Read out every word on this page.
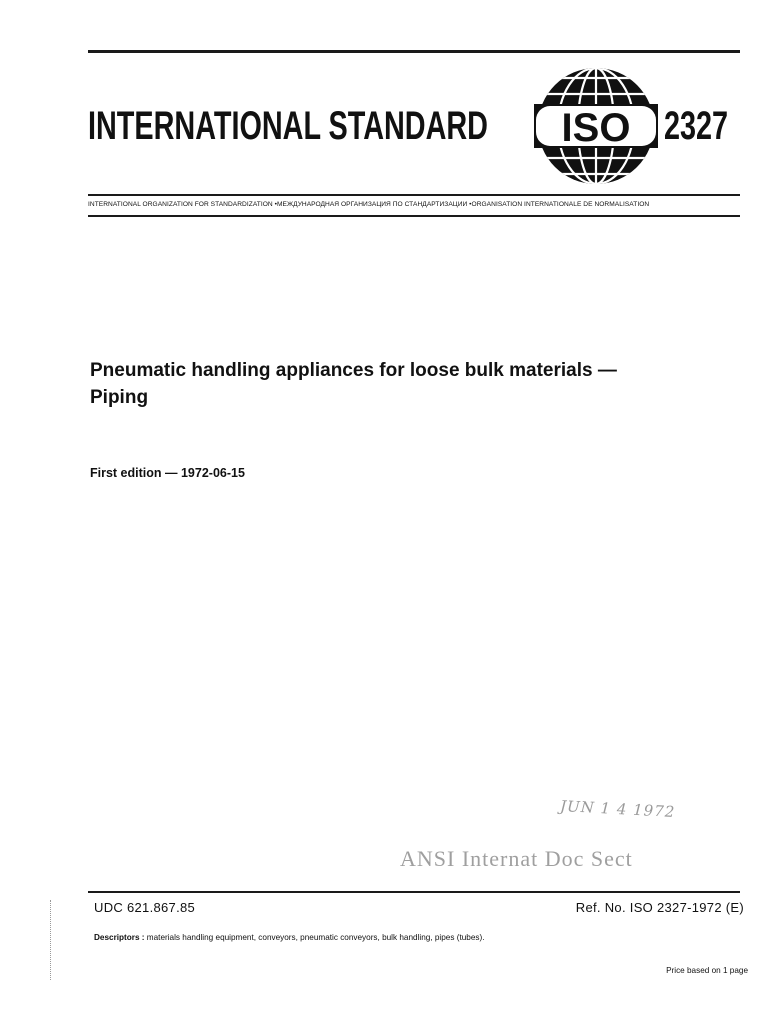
INTERNATIONAL STANDARD ISO 2327
INTERNATIONAL ORGANIZATION FOR STANDARDIZATION •МЕЖДУНАРОДНАЯ ОРГАНИЗАЦИЯ ПО СТАНДАРТИЗАЦИИ •ORGANISATION INTERNATIONALE DE NORMALISATION
Pneumatic handling appliances for loose bulk materials —
Piping
First edition — 1972-06-15
JUN 1 4 1972
ANSI Internat Doc Sect
UDC 621.867.85	Ref. No. ISO 2327-1972 (E)
Descriptors : materials handling equipment, conveyors, pneumatic conveyors, bulk handling, pipes (tubes).
Price based on 1 page
